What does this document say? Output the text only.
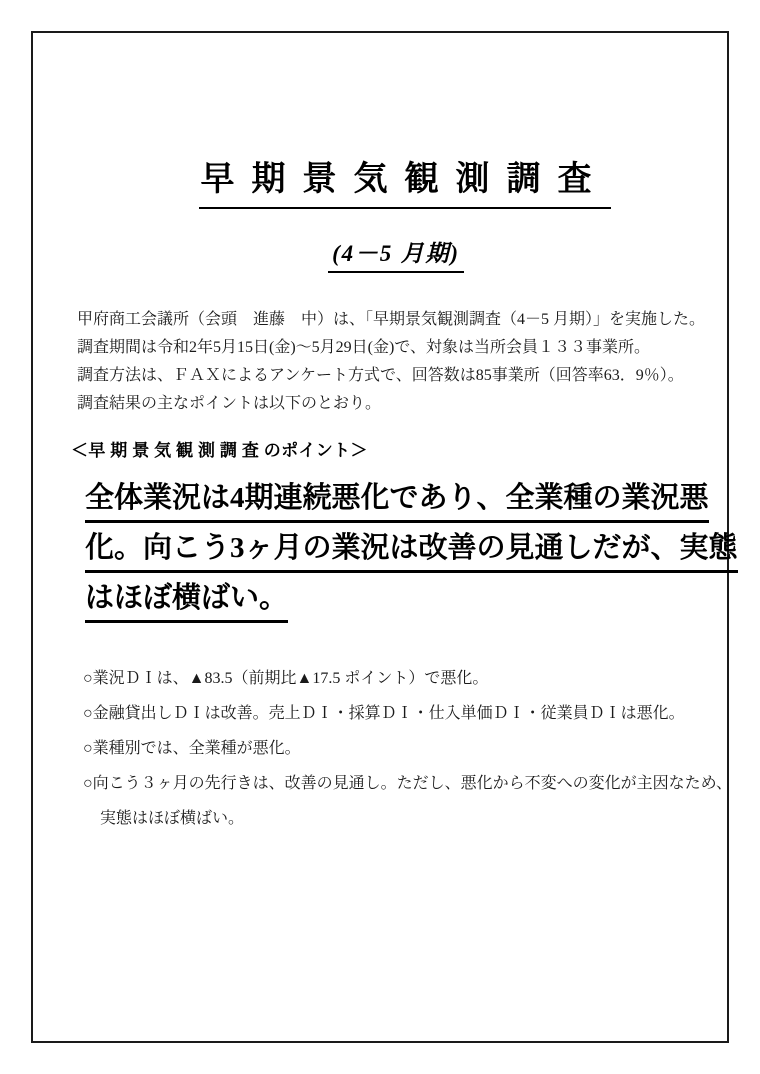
早期景気観測調査
(4－5 月期)
甲府商工会議所（会頭　進藤　中）は、「早期景気観測調査（4－5 月期）」を実施した。
調査期間は令和2年5月15日(金)～5月29日(金)で、対象は当所会員１３３事業所。
調査方法は、ＦＡＸによるアンケート方式で、回答数は85事業所（回答率63．9％）。
調査結果の主なポイントは以下のとおり。
＜早 期 景 気 観 測 調 査 のポイント＞
全体業況は4期連続悪化であり、全業種の業況悪
化。向こう3ヶ月の業況は改善の見通しだが、実態
はほぼ横ばい。
○業況ＤＩは、▲83.5（前期比▲17.5 ポイント）で悪化。
○金融貸出しＤＩは改善。売上ＤＩ・採算ＤＩ・仕入単価ＤＩ・従業員ＤＩは悪化。
○業種別では、全業種が悪化。
○向こう３ヶ月の先行きは、改善の見通し。ただし、悪化から不変への変化が主因なため、
実態はほぼ横ばい。
